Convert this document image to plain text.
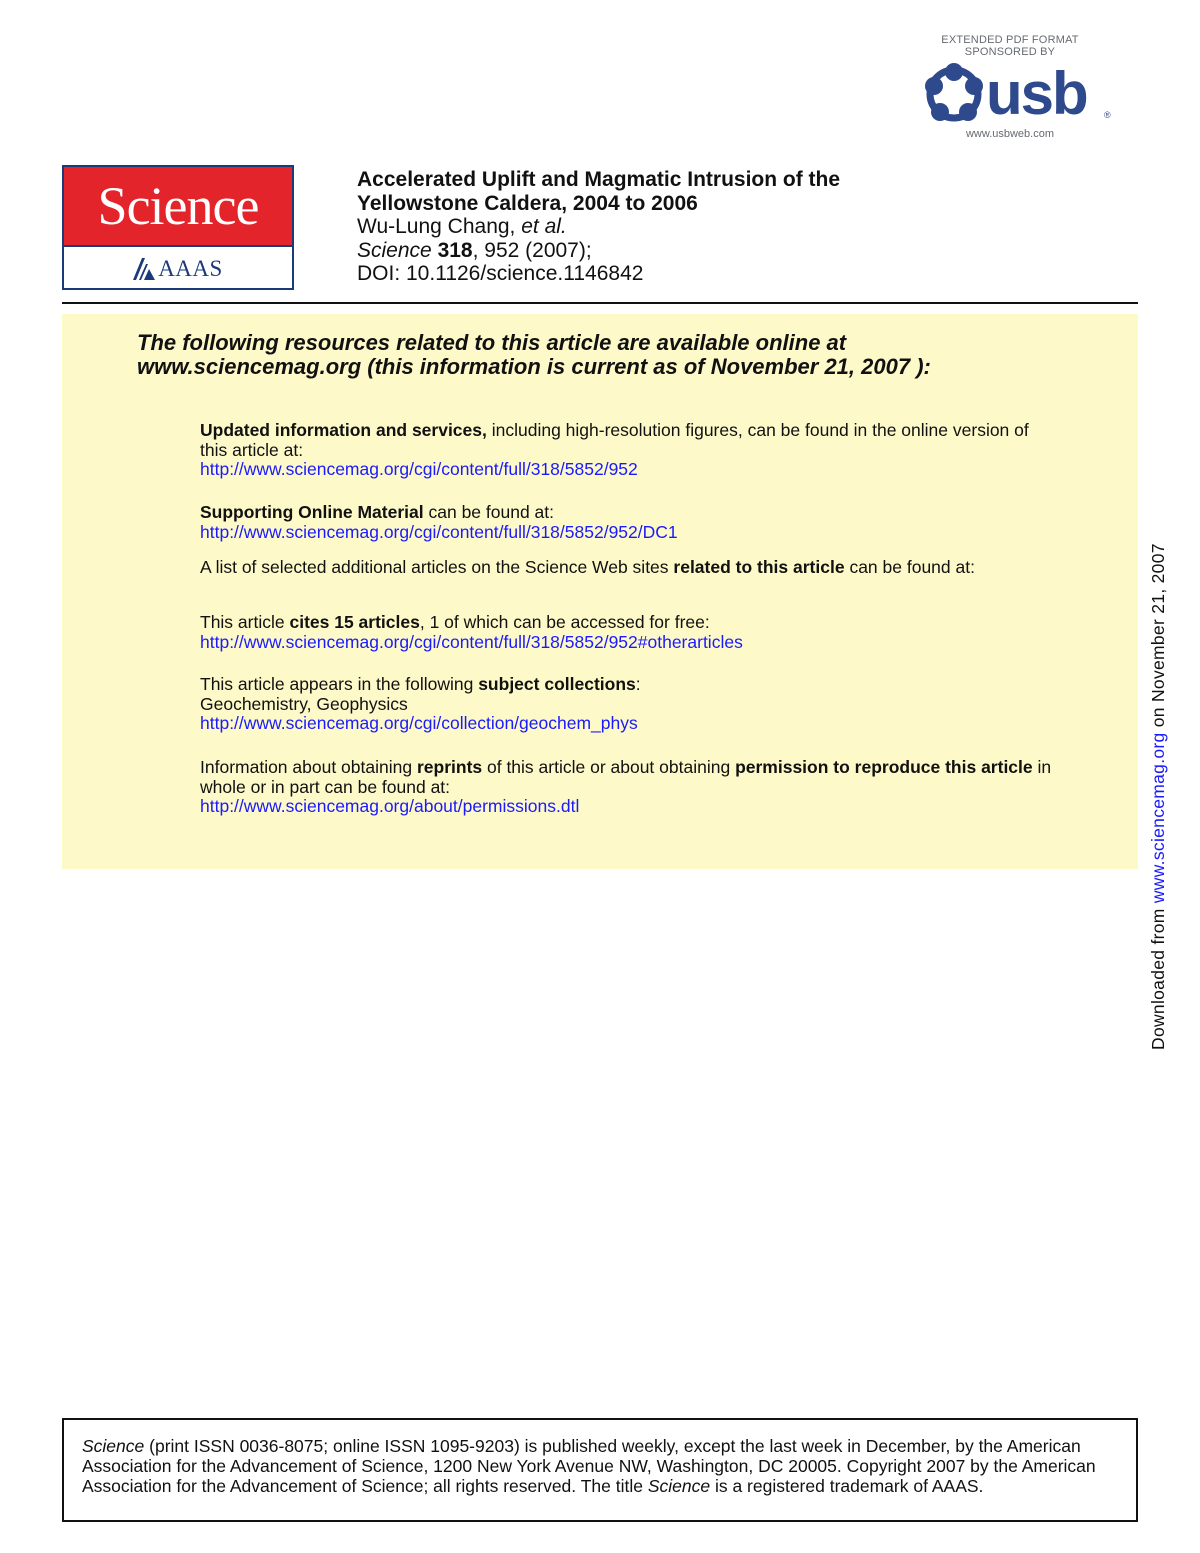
EXTENDED PDF FORMAT
SPONSORED BY
usb ®
www.usbweb.com
Science
AAAS
Accelerated Uplift and Magmatic Intrusion of the
Yellowstone Caldera, 2004 to 2006
Wu-Lung Chang, et al.
Science 318, 952 (2007);
DOI: 10.1126/science.1146842
The following resources related to this article are available online at
www.sciencemag.org (this information is current as of November 21, 2007 ):
Updated information and services, including high-resolution figures, can be found in the online version of this article at:
http://www.sciencemag.org/cgi/content/full/318/5852/952
Supporting Online Material can be found at:
http://www.sciencemag.org/cgi/content/full/318/5852/952/DC1
A list of selected additional articles on the Science Web sites related to this article can be found at:
This article cites 15 articles, 1 of which can be accessed for free:
http://www.sciencemag.org/cgi/content/full/318/5852/952#otherarticles
This article appears in the following subject collections:
Geochemistry, Geophysics
http://www.sciencemag.org/cgi/collection/geochem_phys
Information about obtaining reprints of this article or about obtaining permission to reproduce this article in whole or in part can be found at:
http://www.sciencemag.org/about/permissions.dtl
Downloaded from www.sciencemag.org on November 21, 2007
Science (print ISSN 0036-8075; online ISSN 1095-9203) is published weekly, except the last week in December, by the American Association for the Advancement of Science, 1200 New York Avenue NW, Washington, DC 20005. Copyright 2007 by the American Association for the Advancement of Science; all rights reserved. The title Science is a registered trademark of AAAS.
